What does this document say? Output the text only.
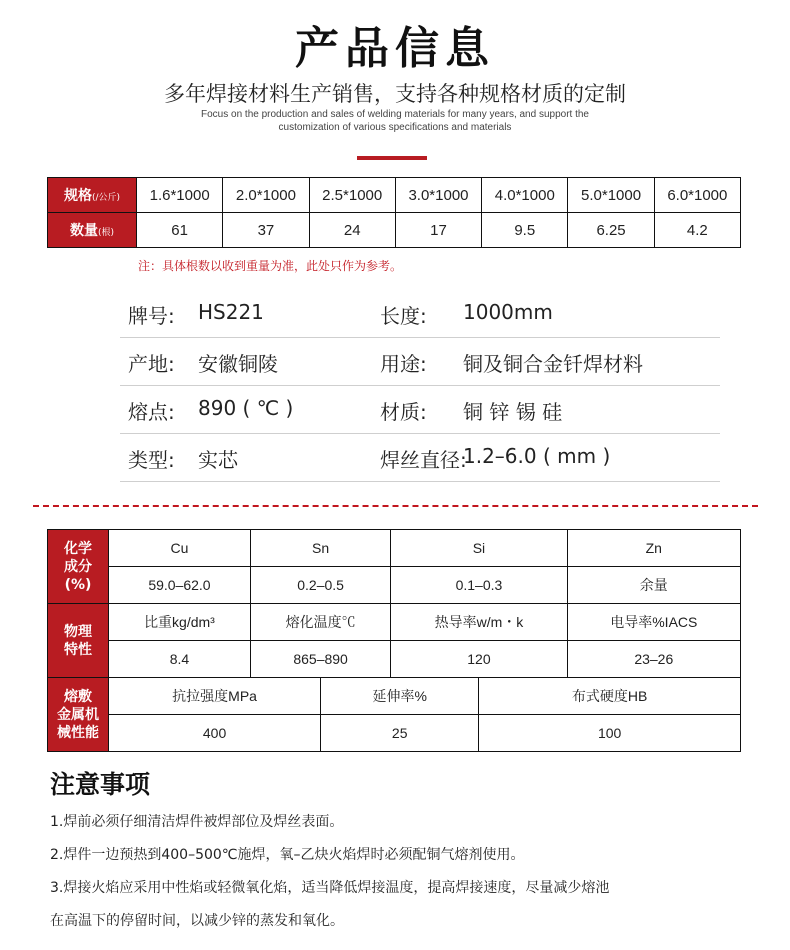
产品信息
多年焊接材料生产销售，支持各种规格材质的定制
Focus on the production and sales of welding materials for many years, and support the
customization of various specifications and materials
规格(/公斤)	1.6*1000	2.0*1000	2.5*1000	3.0*1000	4.0*1000	5.0*1000	6.0*1000
数量(根)	61	37	24	17	9.5	6.25	4.2
注：具体根数以收到重量为准，此处只作为参考。
牌号: HS221	长度: 1000mm
产地: 安徽铜陵	用途: 铜及铜合金钎焊材料
熔点: 890 ( ℃ )	材质: 铜 锌 锡 硅
类型: 实芯	焊丝直径:
1.2–6.0 ( mm )
化学
成分
(%)	Cu	Sn		Si		Zn
	59.0–62.0	0.2–0.5		0.1–0.3		余量

物理
特性	比重kg/dm³	熔化温度℃		热导率w/m・k		电导率%IACS
	8.4	865–890		120		23–26

熔敷
金属机
械性能	抗拉强度MPa		延伸率%		布式硬度HB	
	400		25		100	
注意事项

1.焊前必须仔细清洁焊件被焊部位及焊丝表面。

2.焊件一边预热到400–500℃施焊，氧–乙炔火焰焊时必须配铜气熔剂使用。

3.焊接火焰应采用中性焰或轻微氧化焰，适当降低焊接温度，提高焊接速度，尽量减少熔池

在高温下的停留时间，以减少锌的蒸发和氧化。
